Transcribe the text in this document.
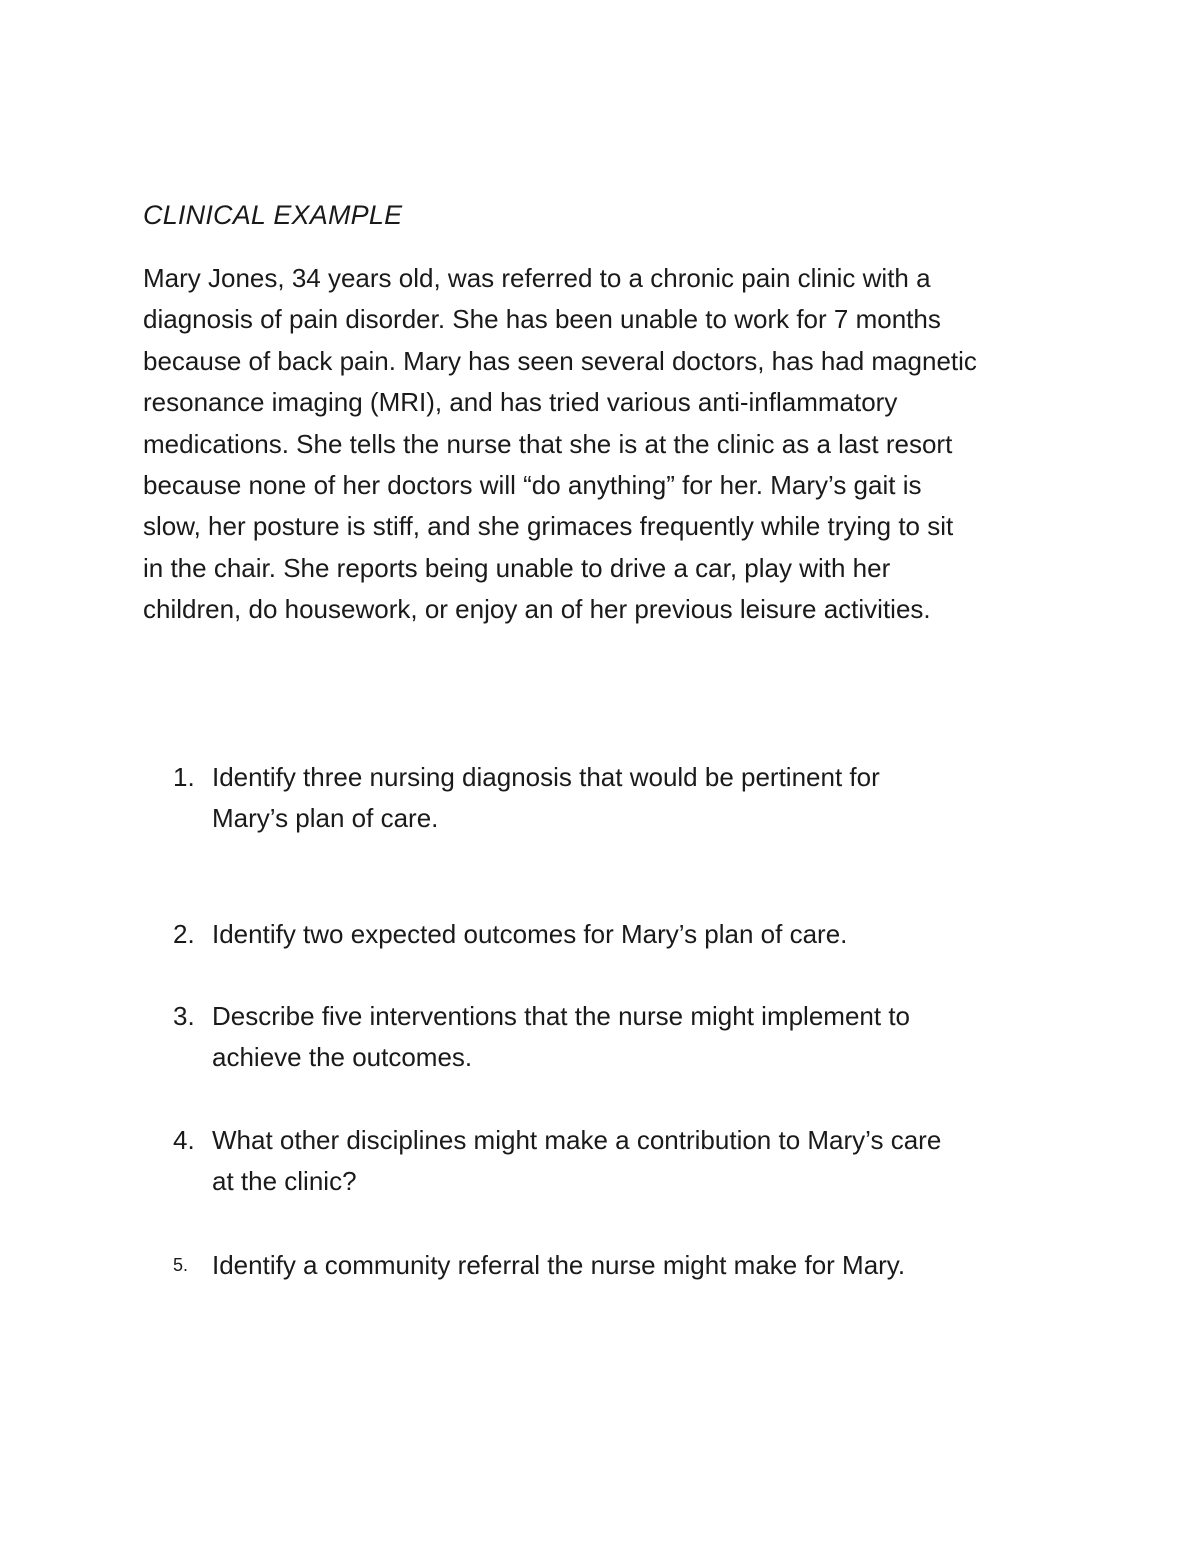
CLINICAL EXAMPLE

Mary Jones, 34 years old, was referred to a chronic pain clinic with a
diagnosis of pain disorder. She has been unable to work for 7 months
because of back pain. Mary has seen several doctors, has had magnetic
resonance imaging (MRI), and has tried various anti-inflammatory
medications. She tells the nurse that she is at the clinic as a last resort
because none of her doctors will “do anything” for her. Mary’s gait is
slow, her posture is stiff, and she grimaces frequently while trying to sit
in the chair. She reports being unable to drive a car, play with her
children, do housework, or enjoy an of her previous leisure activities.

1. Identify three nursing diagnosis that would be pertinent for
Mary’s plan of care.
2. Identify two expected outcomes for Mary’s plan of care.
3. Describe five interventions that the nurse might implement to
achieve the outcomes.
4. What other disciplines might make a contribution to Mary’s care
at the clinic?
5. Identify a community referral the nurse might make for Mary.
